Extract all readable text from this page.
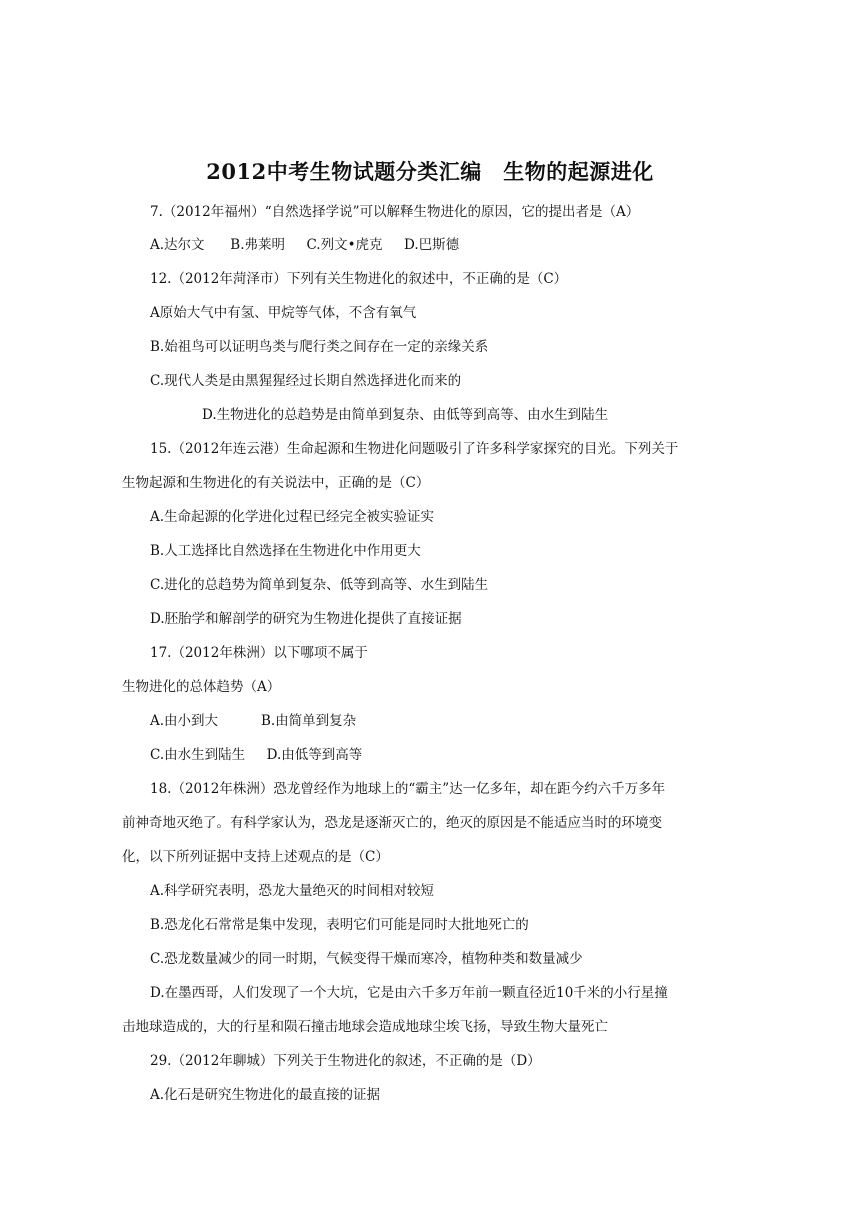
2012中考生物试题分类汇编　生物的起源进化
7.（2012年福州）“自然选择学说”可以解释生物进化的原因，它的提出者是（A）
A.达尔文      B.弗莱明     C.列文•虎克     D.巴斯德
12.（2012年菏泽市）下列有关生物进化的叙述中，不正确的是（C）
A原始大气中有氢、甲烷等气体，不含有氧气
B.始祖鸟可以证明鸟类与爬行类之间存在一定的亲缘关系
C.现代人类是由黑猩猩经过长期自然选择进化而来的
D.生物进化的总趋势是由简单到复杂、由低等到高等、由水生到陆生
15.（2012年连云港）生命起源和生物进化问题吸引了许多科学家探究的目光。下列关于
生物起源和生物进化的有关说法中，正确的是（C）
A.生命起源的化学进化过程已经完全被实验证实
B.人工选择比自然选择在生物进化中作用更大
C.进化的总趋势为简单到复杂、低等到高等、水生到陆生
D.胚胎学和解剖学的研究为生物进化提供了直接证据
17.（2012年株洲）以下哪项不属于
生物进化的总体趋势（A）
A.由小到大          B.由简单到复杂
C.由水生到陆生     D.由低等到高等
18.（2012年株洲）恐龙曾经作为地球上的“霸主”达一亿多年，却在距今约六千万多年
前神奇地灭绝了。有科学家认为，恐龙是逐渐灭亡的，绝灭的原因是不能适应当时的环境变
化，以下所列证据中支持上述观点的是（C）
A.科学研究表明，恐龙大量绝灭的时间相对较短
B.恐龙化石常常是集中发现，表明它们可能是同时大批地死亡的
C.恐龙数量减少的同一时期，气候变得干燥而寒冷，植物种类和数量减少
D.在墨西哥，人们发现了一个大坑，它是由六千多万年前一颗直径近10千米的小行星撞
击地球造成的，大的行星和陨石撞击地球会造成地球尘埃飞扬，导致生物大量死亡
29.（2012年聊城）下列关于生物进化的叙述，不正确的是（D）
A.化石是研究生物进化的最直接的证据
